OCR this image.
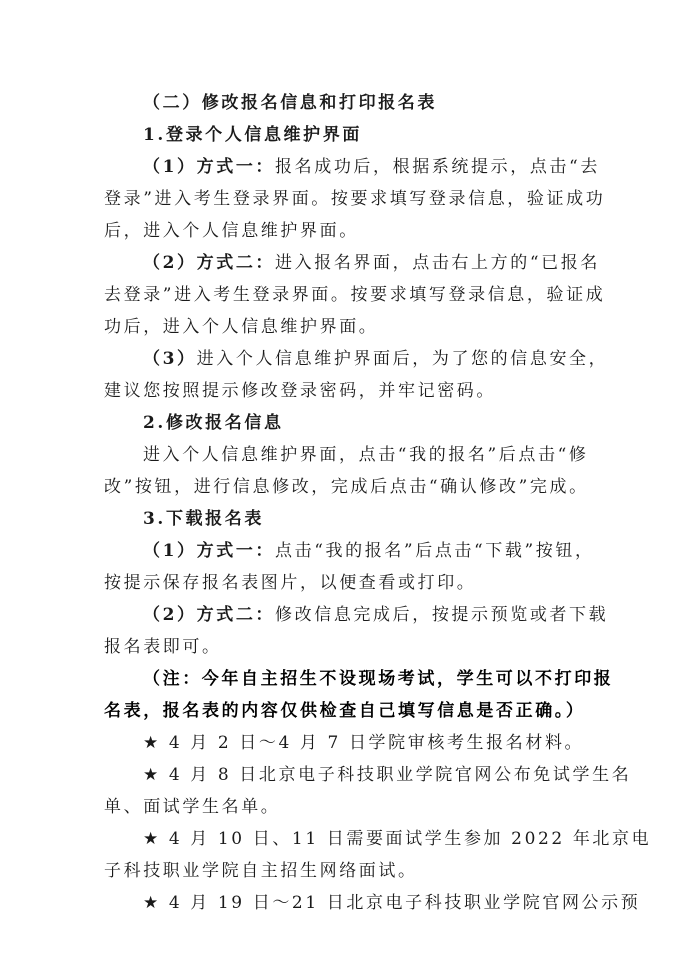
（二）修改报名信息和打印报名表
1.登录个人信息维护界面
（1）方式一：报名成功后，根据系统提示，点击“去
登录”进入考生登录界面。按要求填写登录信息，验证成功
后，进入个人信息维护界面。
（2）方式二：进入报名界面，点击右上方的“已报名
去登录”进入考生登录界面。按要求填写登录信息，验证成
功后，进入个人信息维护界面。
（3）进入个人信息维护界面后，为了您的信息安全，
建议您按照提示修改登录密码，并牢记密码。
2.修改报名信息
进入个人信息维护界面，点击“我的报名”后点击“修
改”按钮，进行信息修改，完成后点击“确认修改”完成。
3.下载报名表
（1）方式一：点击“我的报名”后点击“下载”按钮，
按提示保存报名表图片，以便查看或打印。
（2）方式二：修改信息完成后，按提示预览或者下载
报名表即可。
（注：今年自主招生不设现场考试，学生可以不打印报
名表，报名表的内容仅供检查自己填写信息是否正确。）
★ 4 月 2 日～4 月 7 日学院审核考生报名材料。
★ 4 月 8 日北京电子科技职业学院官网公布免试学生名
单、面试学生名单。
★ 4 月 10 日、11 日需要面试学生参加 2022 年北京电
子科技职业学院自主招生网络面试。
★ 4 月 19 日～21 日北京电子科技职业学院官网公示预
